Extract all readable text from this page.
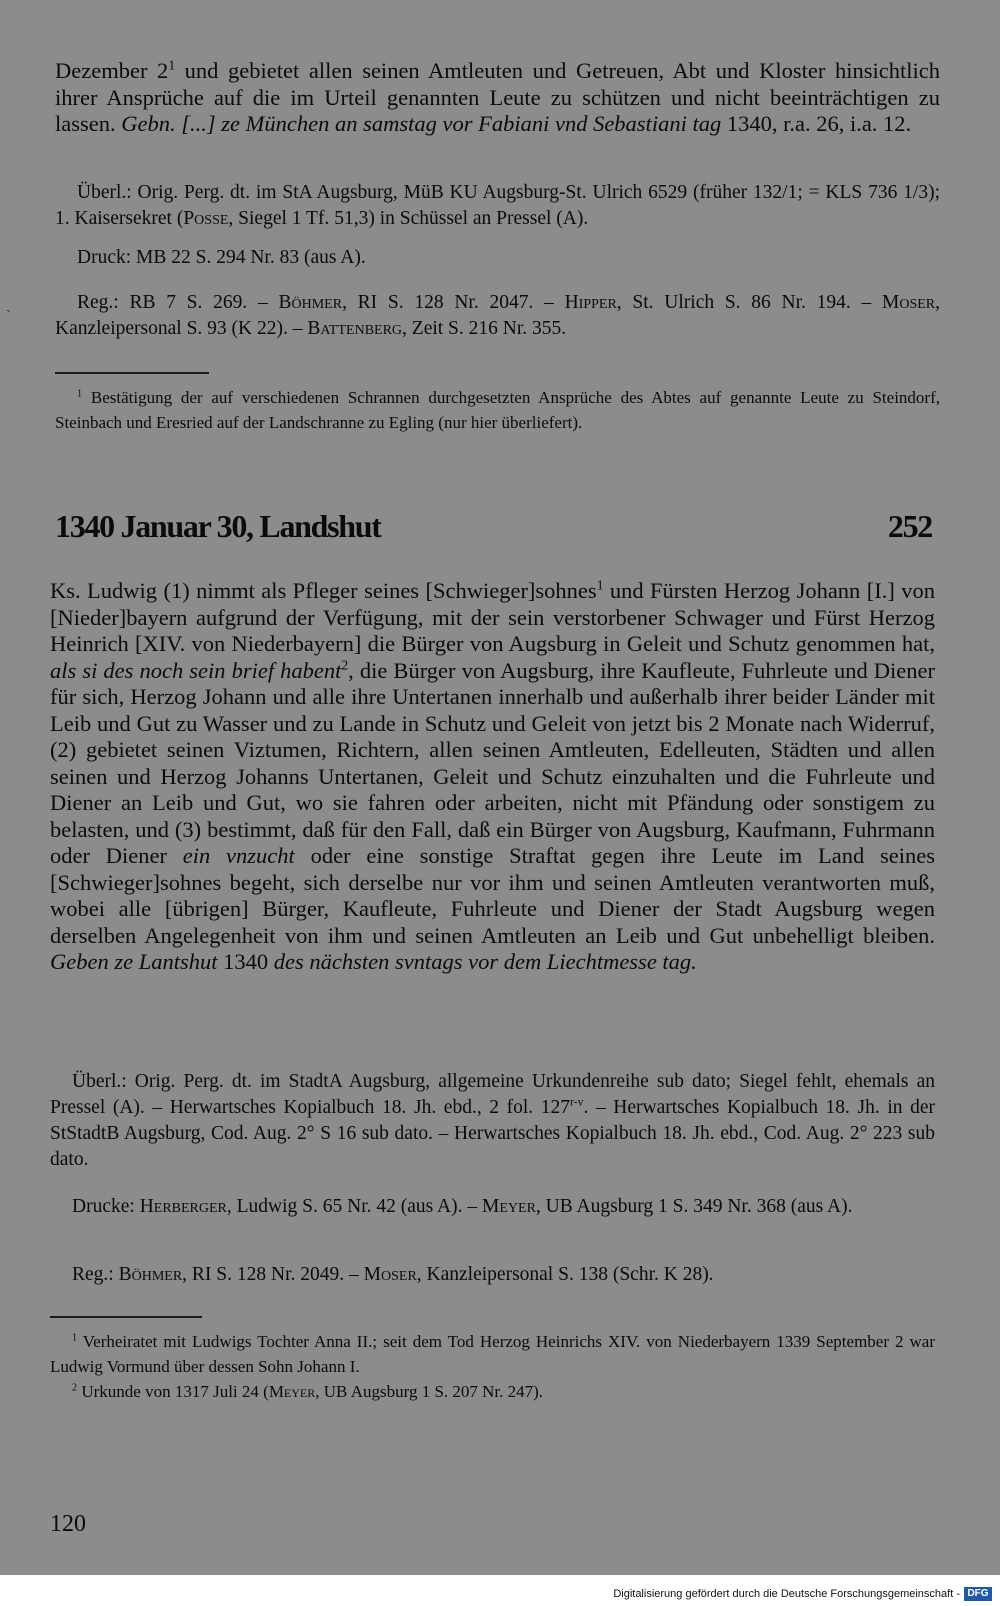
ˎ
Dezember $2^1$ und gebietet allen seinen Amtleuten und Getreuen, Abt und Kloster hinsichtlich ihrer Ansprüche auf die im Urteil genannten Leute zu schützen und nicht beeinträchtigen zu lassen. Gebn. [...] ze München an samstag vor Fabiani vnd Sebastiani tag 1340, r.a. 26, i.a. 12.
Überl.: Orig. Perg. dt. im StA Augsburg, MüB KU Augsburg-St. Ulrich 6529 (früher 132/1; = KLS 736 1/3); 1. Kaisersekret (Posse, Siegel 1 Tf. 51,3) in Schüssel an Pressel (A).
Druck: MB 22 S. 294 Nr. 83 (aus A).
Reg.: RB 7 S. 269. – Böhmer, RI S. 128 Nr. 2047. – Hipper, St. Ulrich S. 86 Nr. 194. – Moser, Kanzleipersonal S. 93 (K 22). – Battenberg, Zeit S. 216 Nr. 355.
$^1$ Bestätigung der auf verschiedenen Schrannen durchgesetzten Ansprüche des Abtes auf genannte Leute zu Steindorf, Steinbach und Eresried auf der Landschranne zu Egling (nur hier überliefert).
1340 Januar 30, Landshut	252
Ks. Ludwig (1) nimmt als Pfleger seines [Schwieger]sohnes$^1$ und Fürsten Herzog Johann [I.] von [Nieder]bayern aufgrund der Verfügung, mit der sein verstorbener Schwager und Fürst Herzog Heinrich [XIV. von Niederbayern] die Bürger von Augsburg in Geleit und Schutz genommen hat, als si des noch sein brief habent$^2$, die Bürger von Augsburg, ihre Kaufleute, Fuhrleute und Diener für sich, Herzog Johann und alle ihre Untertanen innerhalb und außerhalb ihrer beider Länder mit Leib und Gut zu Wasser und zu Lande in Schutz und Geleit von jetzt bis 2 Monate nach Widerruf, (2) gebietet seinen Viztumen, Richtern, allen seinen Amtleuten, Edelleuten, Städten und allen seinen und Herzog Johanns Untertanen, Geleit und Schutz einzuhalten und die Fuhrleute und Diener an Leib und Gut, wo sie fahren oder arbeiten, nicht mit Pfändung oder sonstigem zu belasten, und (3) bestimmt, daß für den Fall, daß ein Bürger von Augsburg, Kaufmann, Fuhrmann oder Diener ein vnzucht oder eine sonstige Straftat gegen ihre Leute im Land seines [Schwieger]sohnes begeht, sich derselbe nur vor ihm und seinen Amtleuten verantworten muß, wobei alle [übrigen] Bürger, Kaufleute, Fuhrleute und Diener der Stadt Augsburg wegen derselben Angelegenheit von ihm und seinen Amtleuten an Leib und Gut unbehelligt bleiben. Geben ze Lantshut 1340 des nächsten svntags vor dem Liechtmesse tag.
Überl.: Orig. Perg. dt. im StadtA Augsburg, allgemeine Urkundenreihe sub dato; Siegel fehlt, ehemals an Pressel (A). – Herwartsches Kopialbuch 18. Jh. ebd., 2 fol. 127$^{r-v}$. – Herwartsches Kopialbuch 18. Jh. in der StStadtB Augsburg, Cod. Aug. 2° S 16 sub dato. – Herwartsches Kopialbuch 18. Jh. ebd., Cod. Aug. 2° 223 sub dato.
Drucke: Herberger, Ludwig S. 65 Nr. 42 (aus A). – Meyer, UB Augsburg 1 S. 349 Nr. 368 (aus A).
Reg.: Böhmer, RI S. 128 Nr. 2049. – Moser, Kanzleipersonal S. 138 (Schr. K 28).
$^1$ Verheiratet mit Ludwigs Tochter Anna II.; seit dem Tod Herzog Heinrichs XIV. von Niederbayern 1339 September 2 war Ludwig Vormund über dessen Sohn Johann I.
$^2$ Urkunde von 1317 Juli 24 (Meyer, UB Augsburg 1 S. 207 Nr. 247).
120
Digitalisierung gefördert durch die Deutsche Forschungsgemeinschaft - DFG
